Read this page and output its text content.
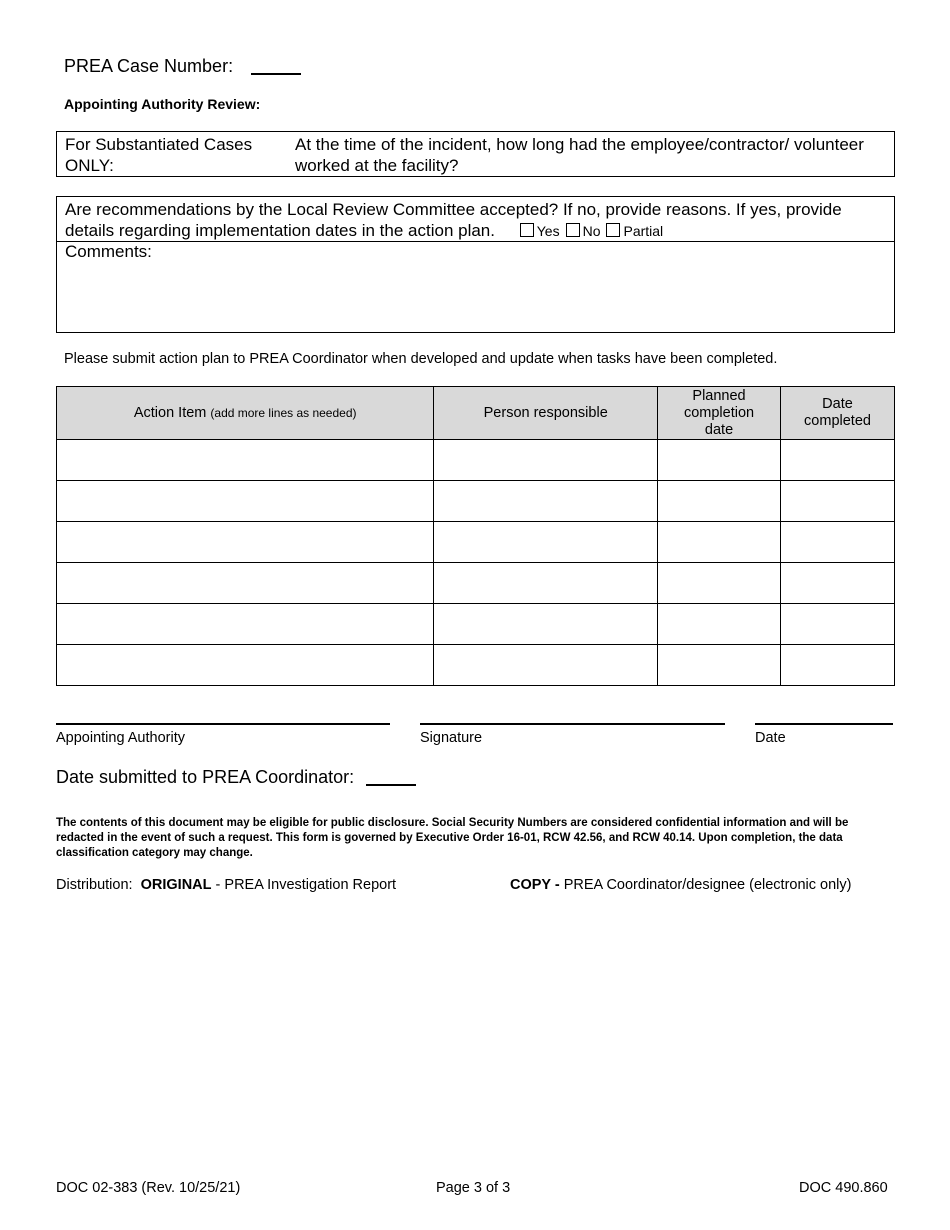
PREA Case Number:
Appointing Authority Review:
For Substantiated Cases ONLY:
At the time of the incident, how long had the employee/contractor/ volunteer worked at the facility?
Are recommendations by the Local Review Committee accepted? If no, provide reasons. If yes, provide details regarding implementation dates in the action plan.	Yes No Partial
Comments:
Please submit action plan to PREA Coordinator when developed and update when tasks have been completed.
Action Item (add more lines as needed)	Person responsible	Planned completion date	Date completed

Appointing Authority	Signature	Date
Date submitted to PREA Coordinator:
The contents of this document may be eligible for public disclosure. Social Security Numbers are considered confidential information and will be redacted in the event of such a request. This form is governed by Executive Order 16-01, RCW 42.56, and RCW 40.14. Upon completion, the data classification category may change.
Distribution: ORIGINAL - PREA Investigation Report	COPY - PREA Coordinator/designee (electronic only)
DOC 02-383 (Rev. 10/25/21)	Page 3 of 3	DOC 490.860
